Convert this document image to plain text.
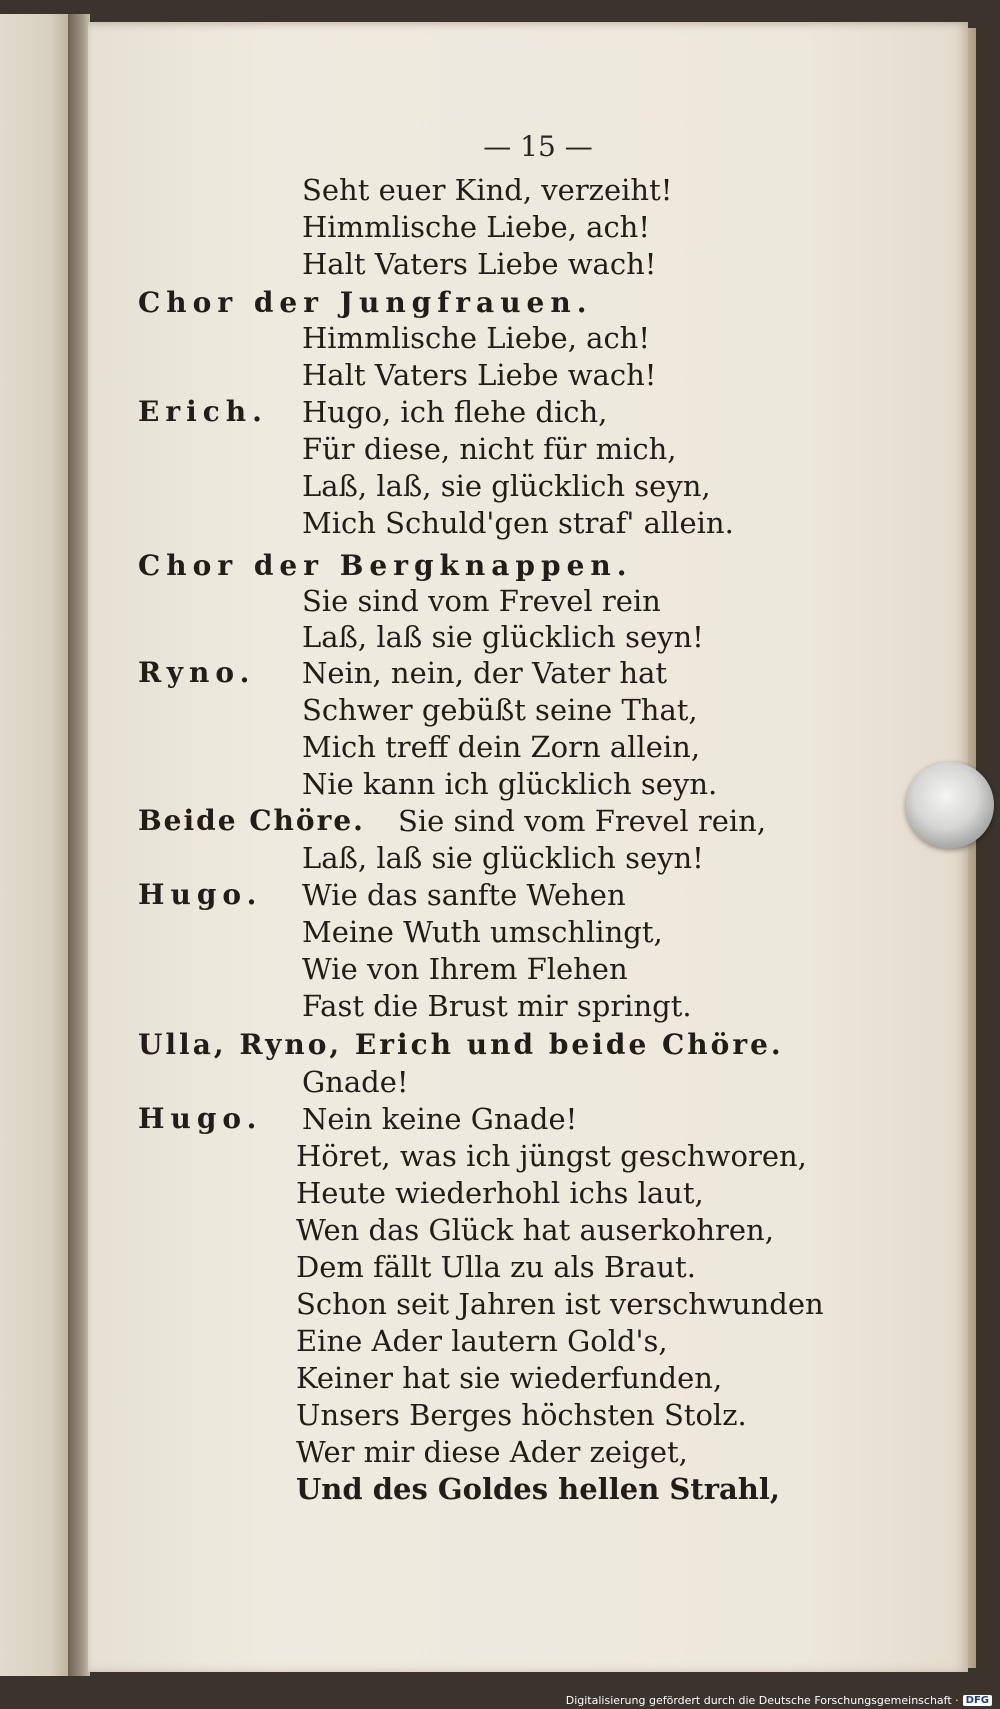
— 15 —
Seht euer Kind, verzeiht!
Himmlische Liebe, ach!
Halt Vaters Liebe wach!
Chor der Jungfrauen.
Himmlische Liebe, ach!
Halt Vaters Liebe wach!
Erich. Hugo, ich flehe dich,
Für diese, nicht für mich,
Laß, laß, sie glücklich seyn,
Mich Schuld'gen straf' allein.
Chor der Bergknappen.
Sie sind vom Frevel rein
Laß, laß sie glücklich seyn!
Ryno. Nein, nein, der Vater hat
Schwer gebüßt seine That,
Mich treff dein Zorn allein,
Nie kann ich glücklich seyn.
Beide Chöre. Sie sind vom Frevel rein,
Laß, laß sie glücklich seyn!
Hugo. Wie das sanfte Wehen
Meine Wuth umschlingt,
Wie von Ihrem Flehen
Fast die Brust mir springt.
Ulla, Ryno, Erich und beide Chöre.
Gnade!
Hugo. Nein keine Gnade!
Höret, was ich jüngst geschworen,
Heute wiederhohl ichs laut,
Wen das Glück hat auserkohren,
Dem fällt Ulla zu als Braut.
Schon seit Jahren ist verschwunden
Eine Ader lautern Gold's,
Keiner hat sie wiederfunden,
Unsers Berges höchsten Stolz.
Wer mir diese Ader zeiget,
Und des Goldes hellen Strahl,
Digitalisierung gefördert durch die Deutsche Forschungsgemeinschaft · DFG
